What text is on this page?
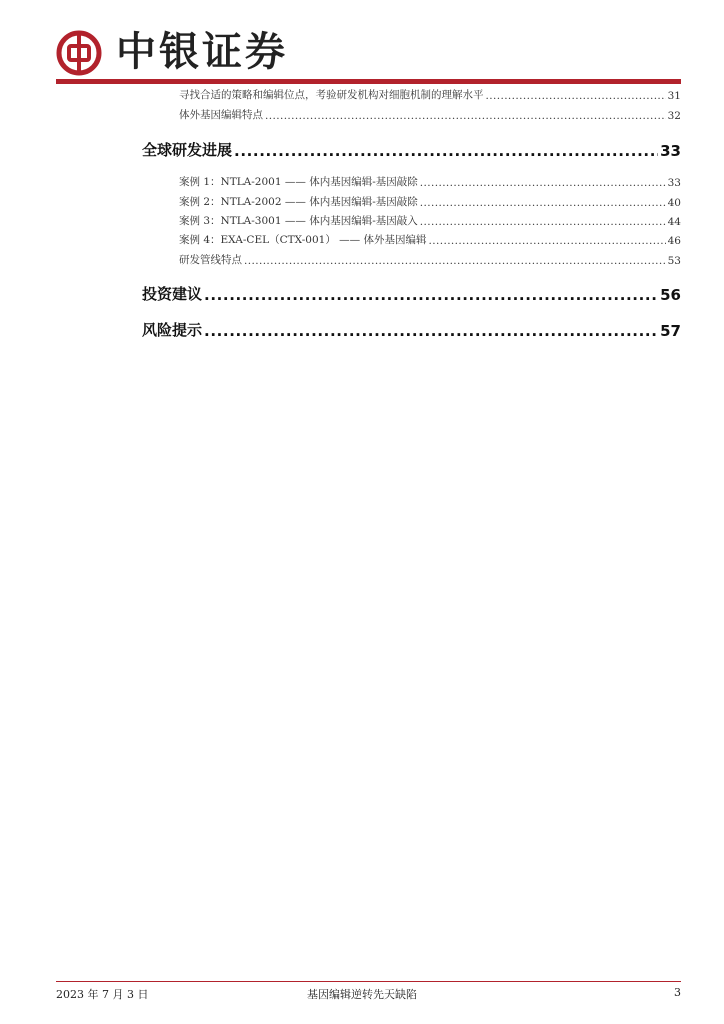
中银证券
寻找合适的策略和编辑位点，考验研发机构对细胞机制的理解水平 .....	31
体外基因编辑特点 .....	32
全球研发进展 .....	33
案例 1：NTLA-2001 —— 体内基因编辑-基因敲除 .....	33
案例 2：NTLA-2002 —— 体内基因编辑-基因敲除 .....	40
案例 3：NTLA-3001 —— 体内基因编辑-基因敲入 .....	44
案例 4：EXA-CEL（CTX-001） —— 体外基因编辑 .....	46
研发管线特点 .....	53
投资建议 .....	56
风险提示 .....	57
2023 年 7 月 3 日	基因编辑逆转先天缺陷	3
